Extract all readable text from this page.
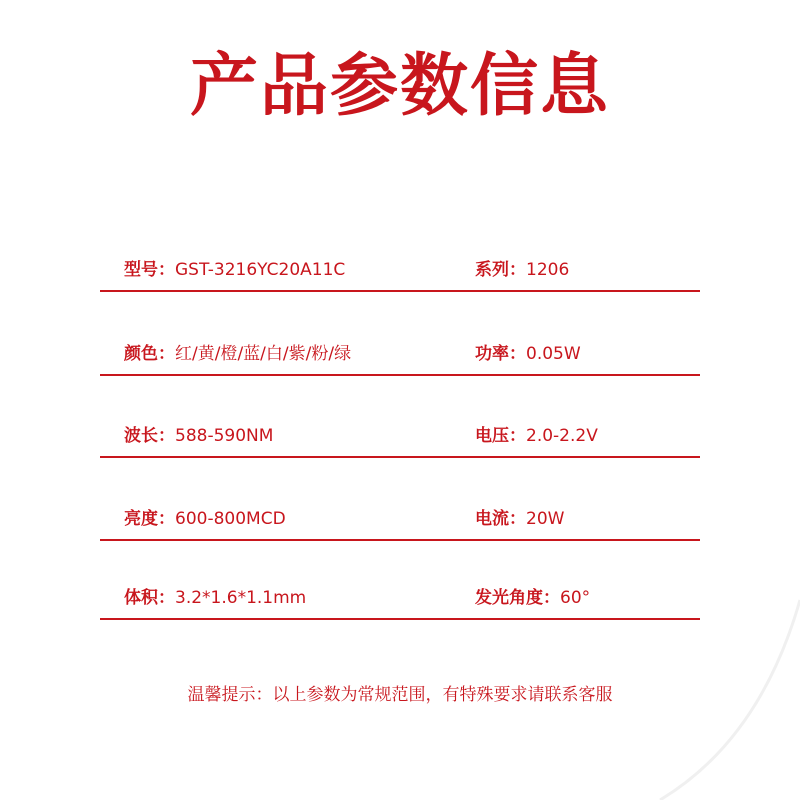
产品参数信息
型号：GST-3216YC20A11C	系列：1206
颜色：红/黄/橙/蓝/白/紫/粉/绿	功率：0.05W
波长：588-590NM	电压：2.0-2.2V
亮度：600-800MCD	电流：20W
体积：3.2*1.6*1.1mm	发光角度：60°
温馨提示：以上参数为常规范围，有特殊要求请联系客服
